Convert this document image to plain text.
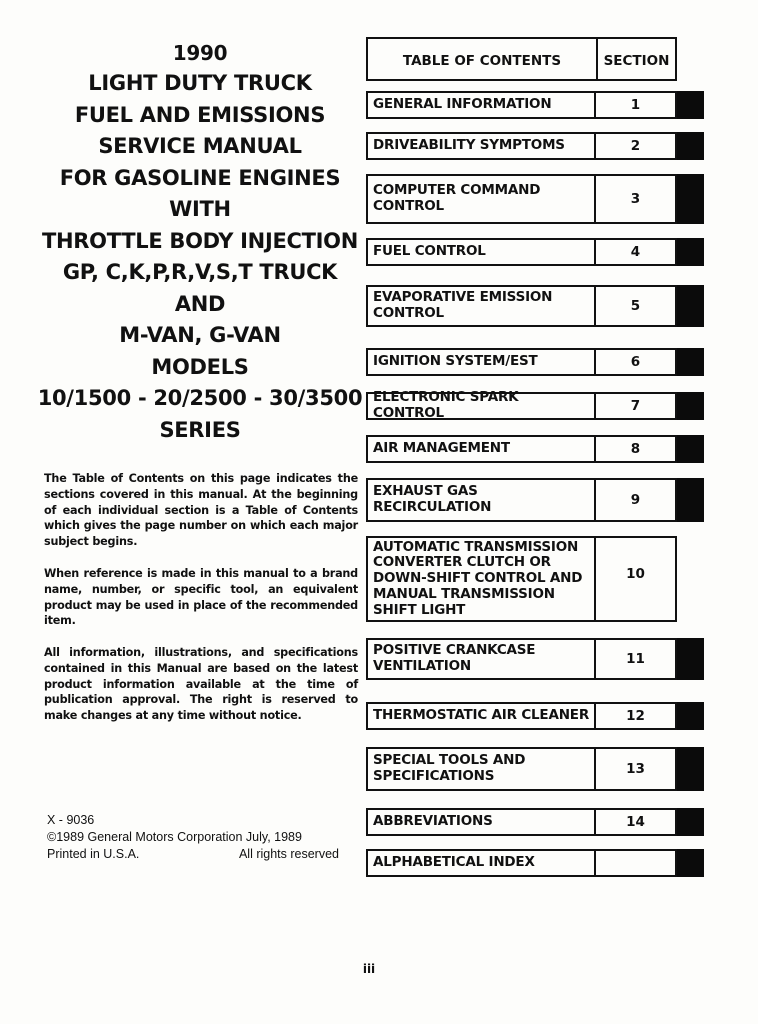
1990
LIGHT DUTY TRUCK
FUEL AND EMISSIONS
SERVICE MANUAL
FOR GASOLINE ENGINES
WITH
THROTTLE BODY INJECTION
GP, C,K,P,R,V,S,T TRUCK
AND
M-VAN, G-VAN
MODELS
10/1500 - 20/2500 - 30/3500
SERIES
The Table of Contents on this page indicates the sections covered in this manual. At the beginning of each individual section is a Table of Contents which gives the page number on which each major subject begins.
When reference is made in this manual to a brand name, number, or specific tool, an equivalent product may be used in place of the recommended item.
All information, illustrations, and specifications contained in this Manual are based on the latest product information available at the time of publication approval. The right is reserved to make changes at any time without notice.
X - 9036
©1989 General Motors Corporation July, 1989
Printed in U.S.A.	All rights reserved
TABLE OF CONTENTS	SECTION
GENERAL INFORMATION	1
DRIVEABILITY SYMPTOMS	2
COMPUTER COMMAND
CONTROL	3
FUEL CONTROL	4
EVAPORATIVE EMISSION
CONTROL	5
IGNITION SYSTEM/EST	6
ELECTRONIC SPARK CONTROL	7
AIR MANAGEMENT	8
EXHAUST GAS
RECIRCULATION	9
AUTOMATIC TRANSMISSION
CONVERTER CLUTCH OR
DOWN-SHIFT CONTROL AND
MANUAL TRANSMISSION
SHIFT LIGHT
10
POSITIVE CRANKCASE
VENTILATION	11
THERMOSTATIC AIR CLEANER	12
SPECIAL TOOLS AND
SPECIFICATIONS	13
ABBREVIATIONS	14
ALPHABETICAL INDEX
iii
